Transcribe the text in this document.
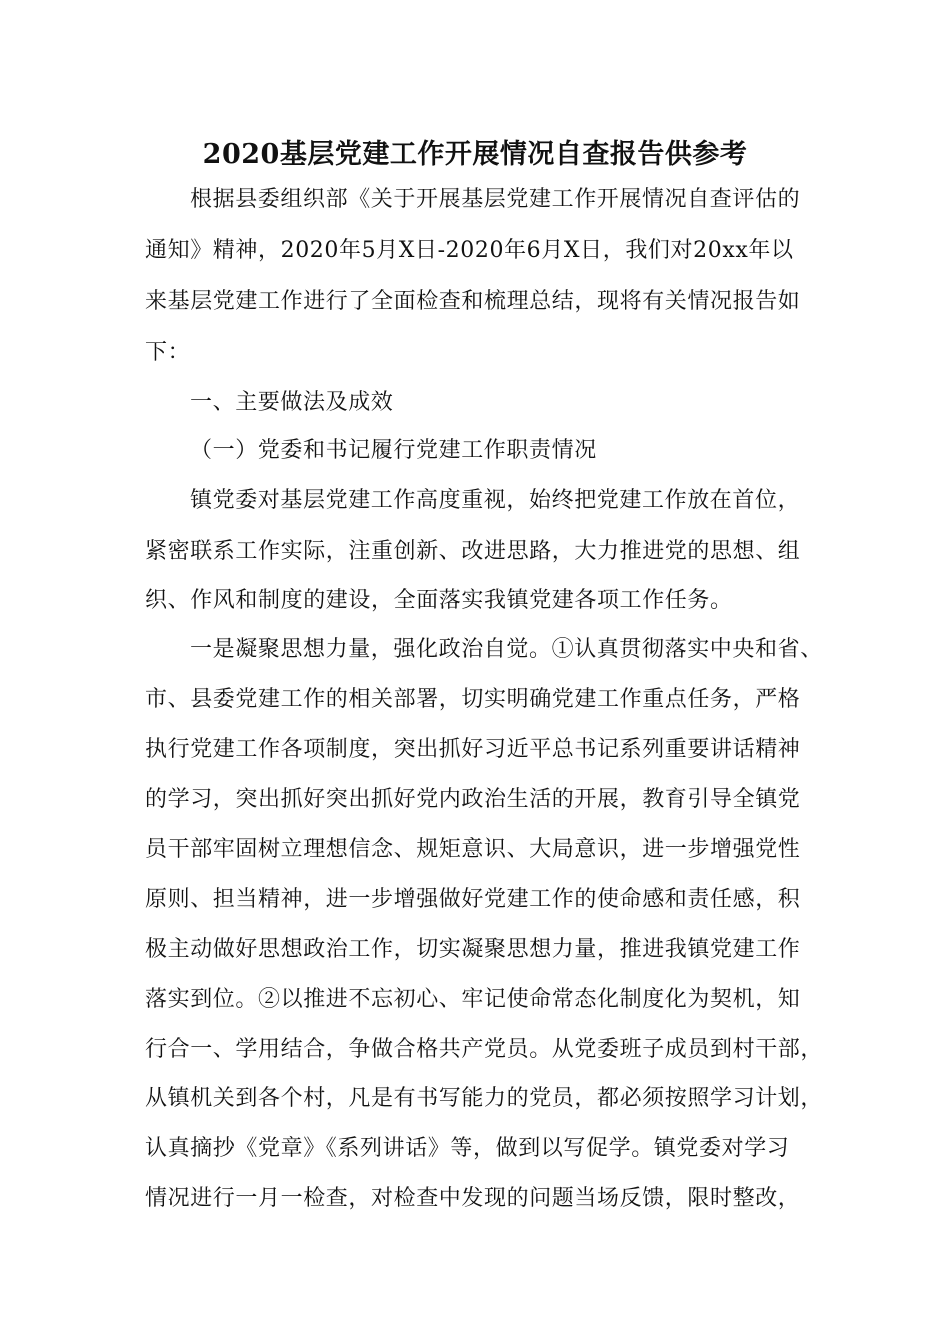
2020基层党建工作开展情况自查报告供参考
根据县委组织部《关于开展基层党建工作开展情况自查评估的
通知》精神，2020年5月X日-2020年6月X日，我们对20xx年以
来基层党建工作进行了全面检查和梳理总结，现将有关情况报告如
下：
一、主要做法及成效
（一）党委和书记履行党建工作职责情况
镇党委对基层党建工作高度重视，始终把党建工作放在首位，
紧密联系工作实际，注重创新、改进思路，大力推进党的思想、组
织、作风和制度的建设，全面落实我镇党建各项工作任务。
一是凝聚思想力量，强化政治自觉。①认真贯彻落实中央和省、
市、县委党建工作的相关部署，切实明确党建工作重点任务，严格
执行党建工作各项制度，突出抓好习近平总书记系列重要讲话精神
的学习，突出抓好突出抓好党内政治生活的开展，教育引导全镇党
员干部牢固树立理想信念、规矩意识、大局意识，进一步增强党性
原则、担当精神，进一步增强做好党建工作的使命感和责任感，积
极主动做好思想政治工作，切实凝聚思想力量，推进我镇党建工作
落实到位。②以推进不忘初心、牢记使命常态化制度化为契机，知
行合一、学用结合，争做合格共产党员。从党委班子成员到村干部，
从镇机关到各个村，凡是有书写能力的党员，都必须按照学习计划，
认真摘抄《党章》《系列讲话》等，做到以写促学。镇党委对学习
情况进行一月一检查，对检查中发现的问题当场反馈，限时整改，
